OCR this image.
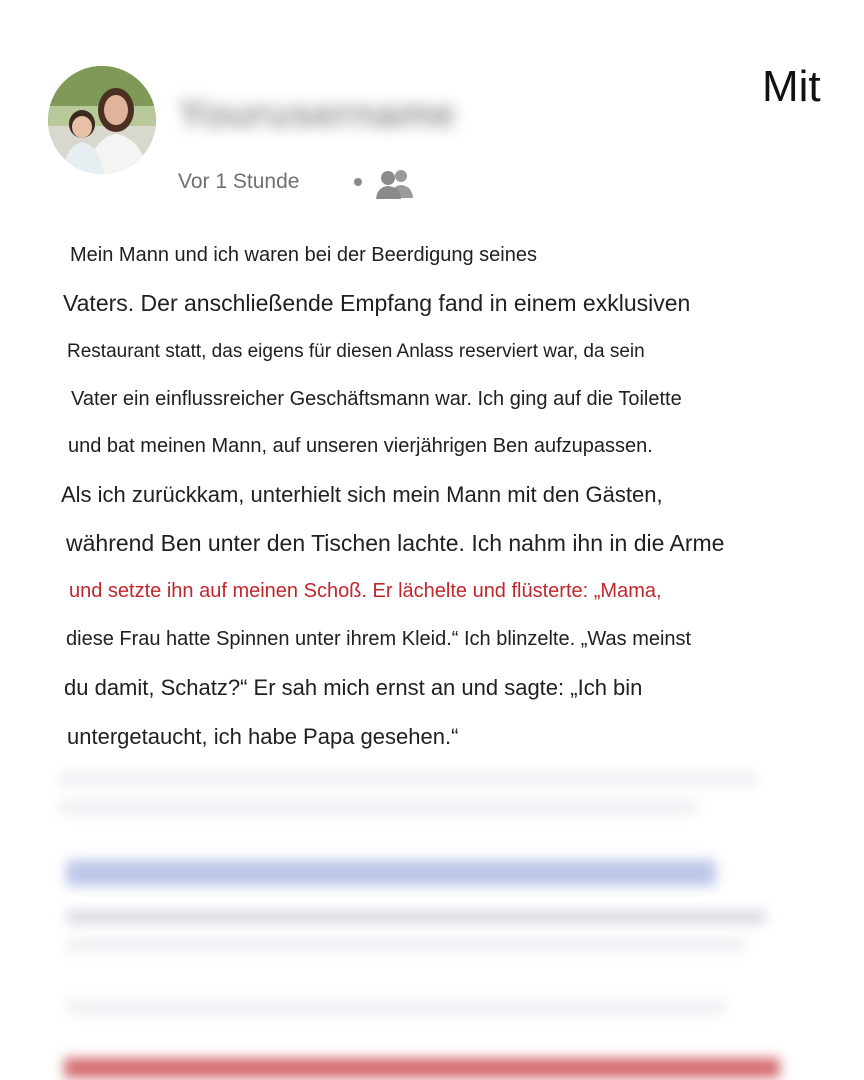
Yourusername
Mit
Vor 1 Stunde
Mein Mann und ich waren bei der Beerdigung seines
Vaters. Der anschließende Empfang fand in einem exklusiven
Restaurant statt, das eigens für diesen Anlass reserviert war, da sein
Vater ein einflussreicher Geschäftsmann war. Ich ging auf die Toilette
und bat meinen Mann, auf unseren vierjährigen Ben aufzupassen.
Als ich zurückkam, unterhielt sich mein Mann mit den Gästen,
während Ben unter den Tischen lachte. Ich nahm ihn in die Arme
und setzte ihn auf meinen Schoß. Er lächelte und flüsterte: „Mama,
diese Frau hatte Spinnen unter ihrem Kleid.“ Ich blinzelte. „Was meinst
du damit, Schatz?“ Er sah mich ernst an und sagte: „Ich bin
untergetaucht, ich habe Papa gesehen.“
